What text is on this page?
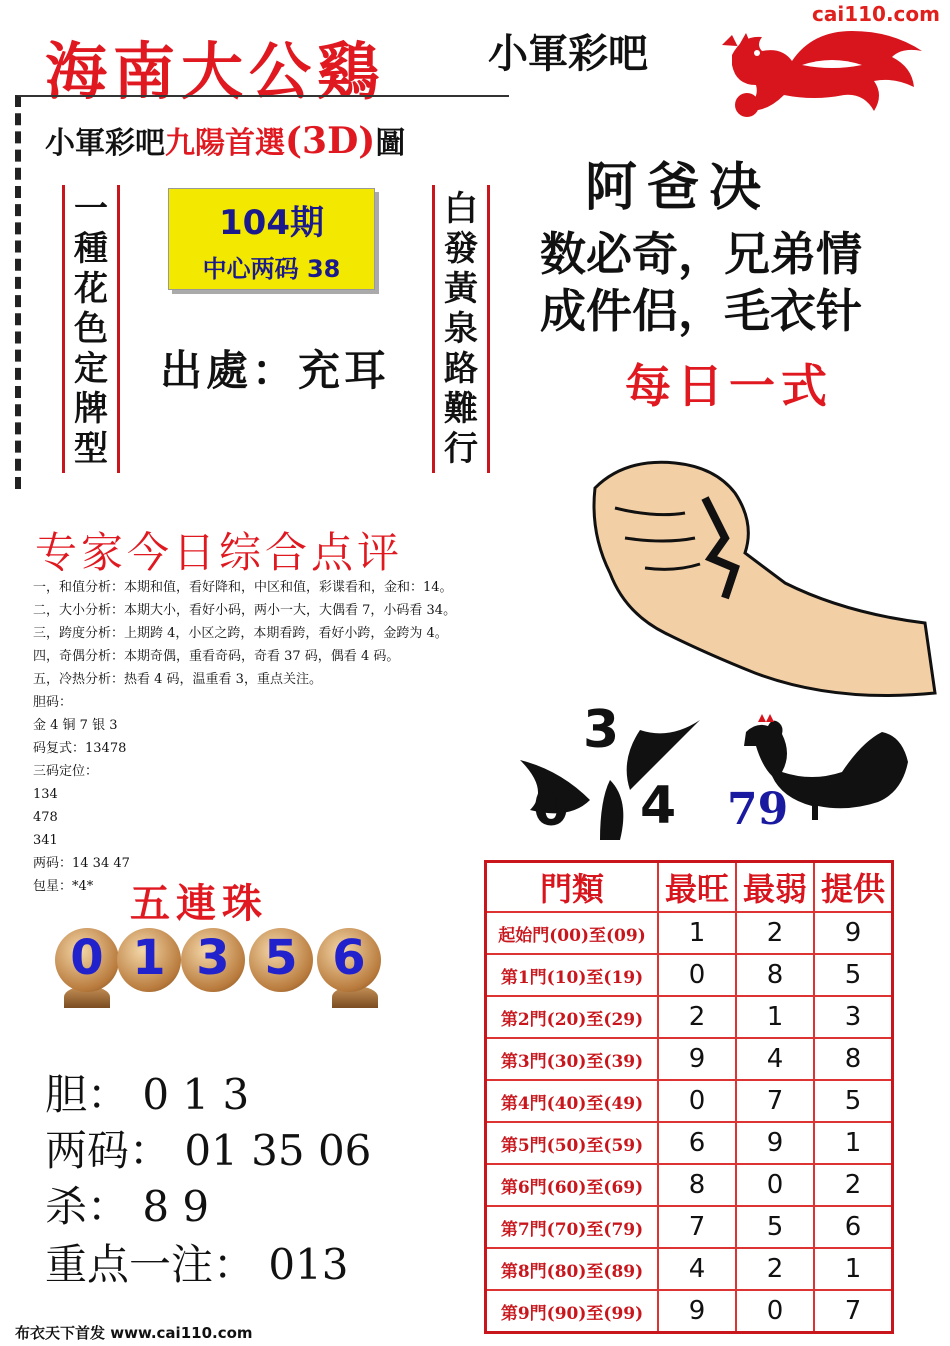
海南大公鷄	小軍彩吧
cai110.com
小軍彩吧九陽首選(3D)圖
一
種
花
色
定
牌
型
白
發
黃
泉
路
難
行
104期
中心两码 38
出處：充耳
阿爸决
数必奇，兄弟情
成件侣，毛衣针
每日一式
专家今日综合点评
一，和值分析：本期和值，看好降和，中区和值，彩谍看和，金和：14。
二，大小分析：本期大小，看好小码，两小一大，大偶看 7，小码看 34。
三，跨度分析：上期跨 4，小区之跨，本期看跨，看好小跨，金跨为 4。
四，奇偶分析：本期奇偶，重看奇码，奇看 37 码，偶看 4 码。
五，冷热分析：热看 4 码，温重看 3，重点关注。
胆码：
金 4 铜 7 银 3
码复式：13478
三码定位：
134
478
341
两码：14 34 47
包星：*4* 五連珠
0 1 3 5 6
胆： 0 1 3
两码： 01 35 06
杀： 8 9
重点一注： 013
布衣天下首发 www.cai110.com
3
0 4 79
門類	最旺	最弱	提供
起始門(00)至(09)	1	2	9
第1門(10)至(19)	0	8	5
第2門(20)至(29)	2	1	3
第3門(30)至(39)	9	4	8
第4門(40)至(49)	0	7	5
第5門(50)至(59)	6	9	1
第6門(60)至(69)	8	0	2
第7門(70)至(79)	7	5	6
第8門(80)至(89)	4	2	1
第9門(90)至(99)	9	0	7
